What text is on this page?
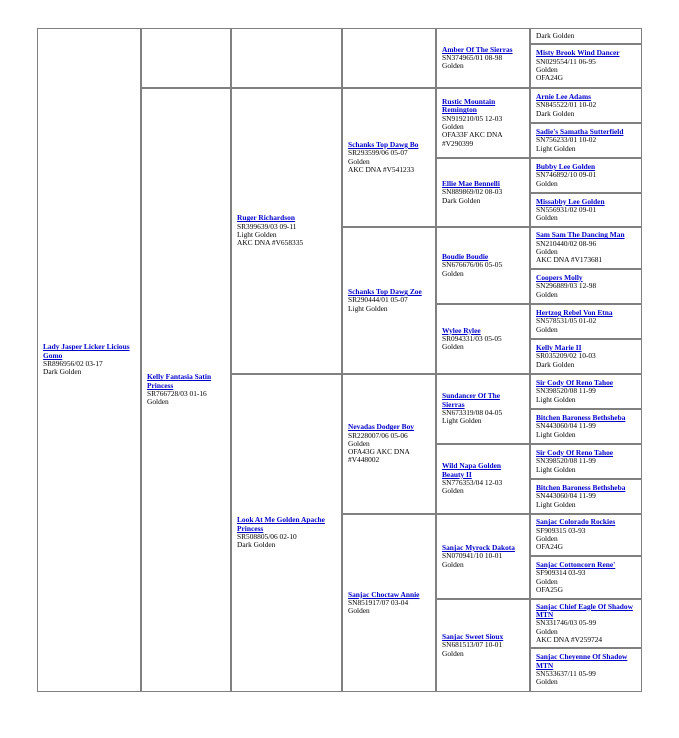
Lady Jasper Licker Licious Gomo
SR896956/02 03-17
Dark Golden
Kelly Fantasia Satin Princess
SR766728/03 01-16
Golden
Ruger Richardson
SR399639/03 09-11
Light Golden
AKC DNA #V658335
Look At Me Golden Apache Princess
SR508805/06 02-10
Dark Golden
Schanks Top Dawg Bo
SR293599/06 05-07
Golden
AKC DNA #V541233
Schanks Top Dawg Zoe
SR290444/01 05-07
Light Golden
Nevadas Dodger Boy
SR228007/06 05-06
Golden
OFA43G AKC DNA #V448002
Sanjac Choctaw Annie
SN851917/07 03-04
Golden
Amber Of The Sierras
SN374965/01 08-98
Golden
Rustic Mountain Remington
SN919210/05 12-03
Golden
OFA33F AKC DNA #V290399
Ellie Mae Bennelli
SN889869/02 08-03
Dark Golden
Boudie Boudie
SN676676/06 05-05
Golden
Wylee Rylee
SR094331/03 05-05
Golden
Sundancer Of The Sierras
SN673319/08 04-05
Light Golden
Wild Napa Golden Beauty II
SN776353/04 12-03
Golden
Sanjac Myrock Dakota
SN070941/10 10-01
Golden
Sanjac Sweet Sioux
SN681513/07 10-01
Golden
Dark Golden
Misty Brook Wind Dancer
SN029554/11 06-95
Golden
OFA24G
Arnie Lee Adams
SN845522/01 10-02
Dark Golden
Sadie's Samatha Sutterfield
SN756233/01 10-02
Light Golden
Bubby Lee Golden
SN746892/10 09-01
Golden
Missabby Lee Golden
SN556931/02 09-01
Golden
Sam Sam The Dancing Man
SN210440/02 08-96
Golden
AKC DNA #V173681
Coopers Molly
SN296889/03 12-98
Golden
Hertzog Rebel Von Etna
SN578531/05 01-02
Golden
Kelly Marie II
SR035209/02 10-03
Dark Golden
Sir Cody Of Reno Tahoe
SN398520/08 11-99
Light Golden
Bitchen Baroness Bethsheba
SN443060/04 11-99
Light Golden
Sir Cody Of Reno Tahoe
SN398520/08 11-99
Light Golden
Bitchen Baroness Bethsheba
SN443060/04 11-99
Light Golden
Sanjac Colorado Rockies
SF909315 03-93
Golden
OFA24G
Sanjac Cottoncorn Rene'
SF909314 03-93
Golden
OFA25G
Sanjac Chief Eagle Of Shadow MTN
SN331746/03 05-99
Golden
AKC DNA #V259724
Sanjac Cheyenne Of Shadow MTN
SN533637/11 05-99
Golden
